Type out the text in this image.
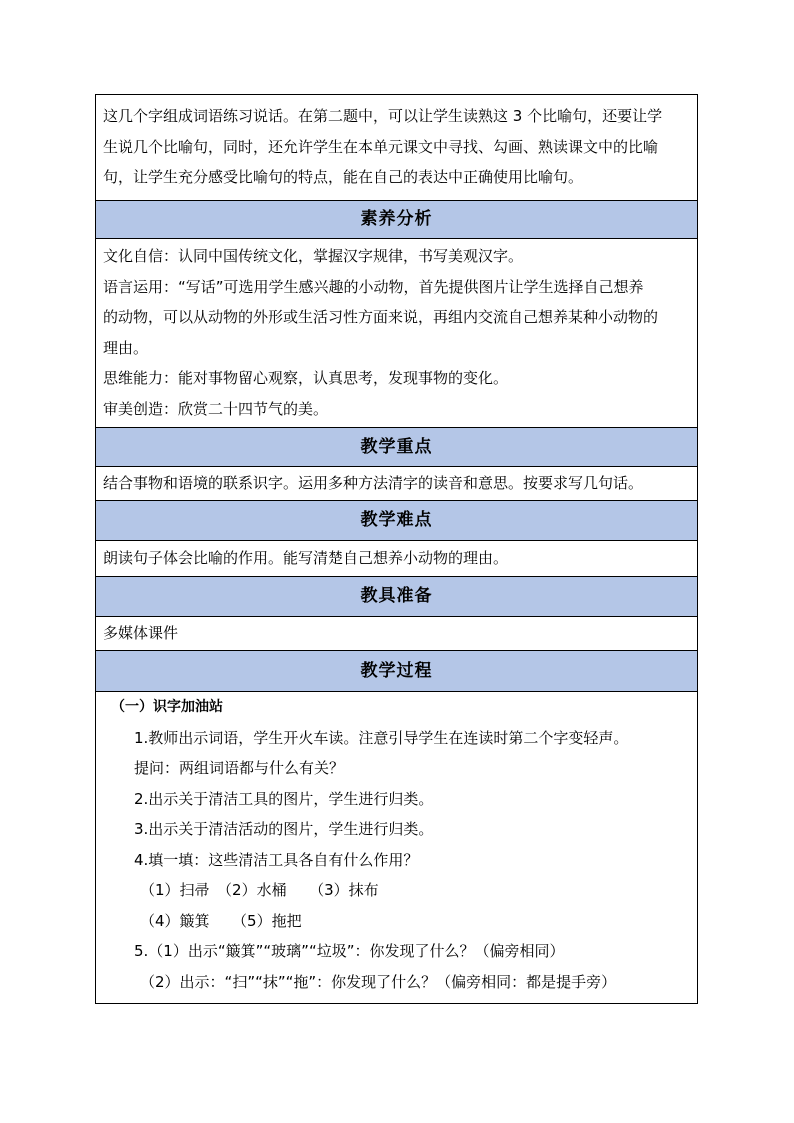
这几个字组成词语练习说话。在第二题中，可以让学生读熟这 3 个比喻句，还要让学

生说几个比喻句，同时，还允许学生在本单元课文中寻找、勾画、熟读课文中的比喻

句，让学生充分感受比喻句的特点，能在自己的表达中正确使用比喻句。

素养分析

文化自信：认同中国传统文化，掌握汉字规律，书写美观汉字。

语言运用：“写话”可选用学生感兴趣的小动物，首先提供图片让学生选择自己想养

的动物，可以从动物的外形或生活习性方面来说，再组内交流自己想养某种小动物的

理由。

思维能力：能对事物留心观察，认真思考，发现事物的变化。

审美创造：欣赏二十四节气的美。

教学重点

结合事物和语境的联系识字。运用多种方法清字的读音和意思。按要求写几句话。

教学难点

朗读句子体会比喻的作用。能写清楚自己想养小动物的理由。

教具准备

多媒体课件

教学过程

（一）识字加油站

1.教师出示词语，学生开火车读。注意引导学生在连读时第二个字变轻声。

提问：两组词语都与什么有关？

2.出示关于清洁工具的图片，学生进行归类。

3.出示关于清洁活动的图片，学生进行归类。

4.填一填：这些清洁工具各自有什么作用？

（1）扫帚　（2）水桶　　（3）抹布

（4）簸箕　　（5）拖把

5.（1）出示“簸箕”“玻璃”“垃圾”：你发现了什么？（偏旁相同）

（2）出示：“扫”“抹”“拖”：你发现了什么？（偏旁相同：都是提手旁）
